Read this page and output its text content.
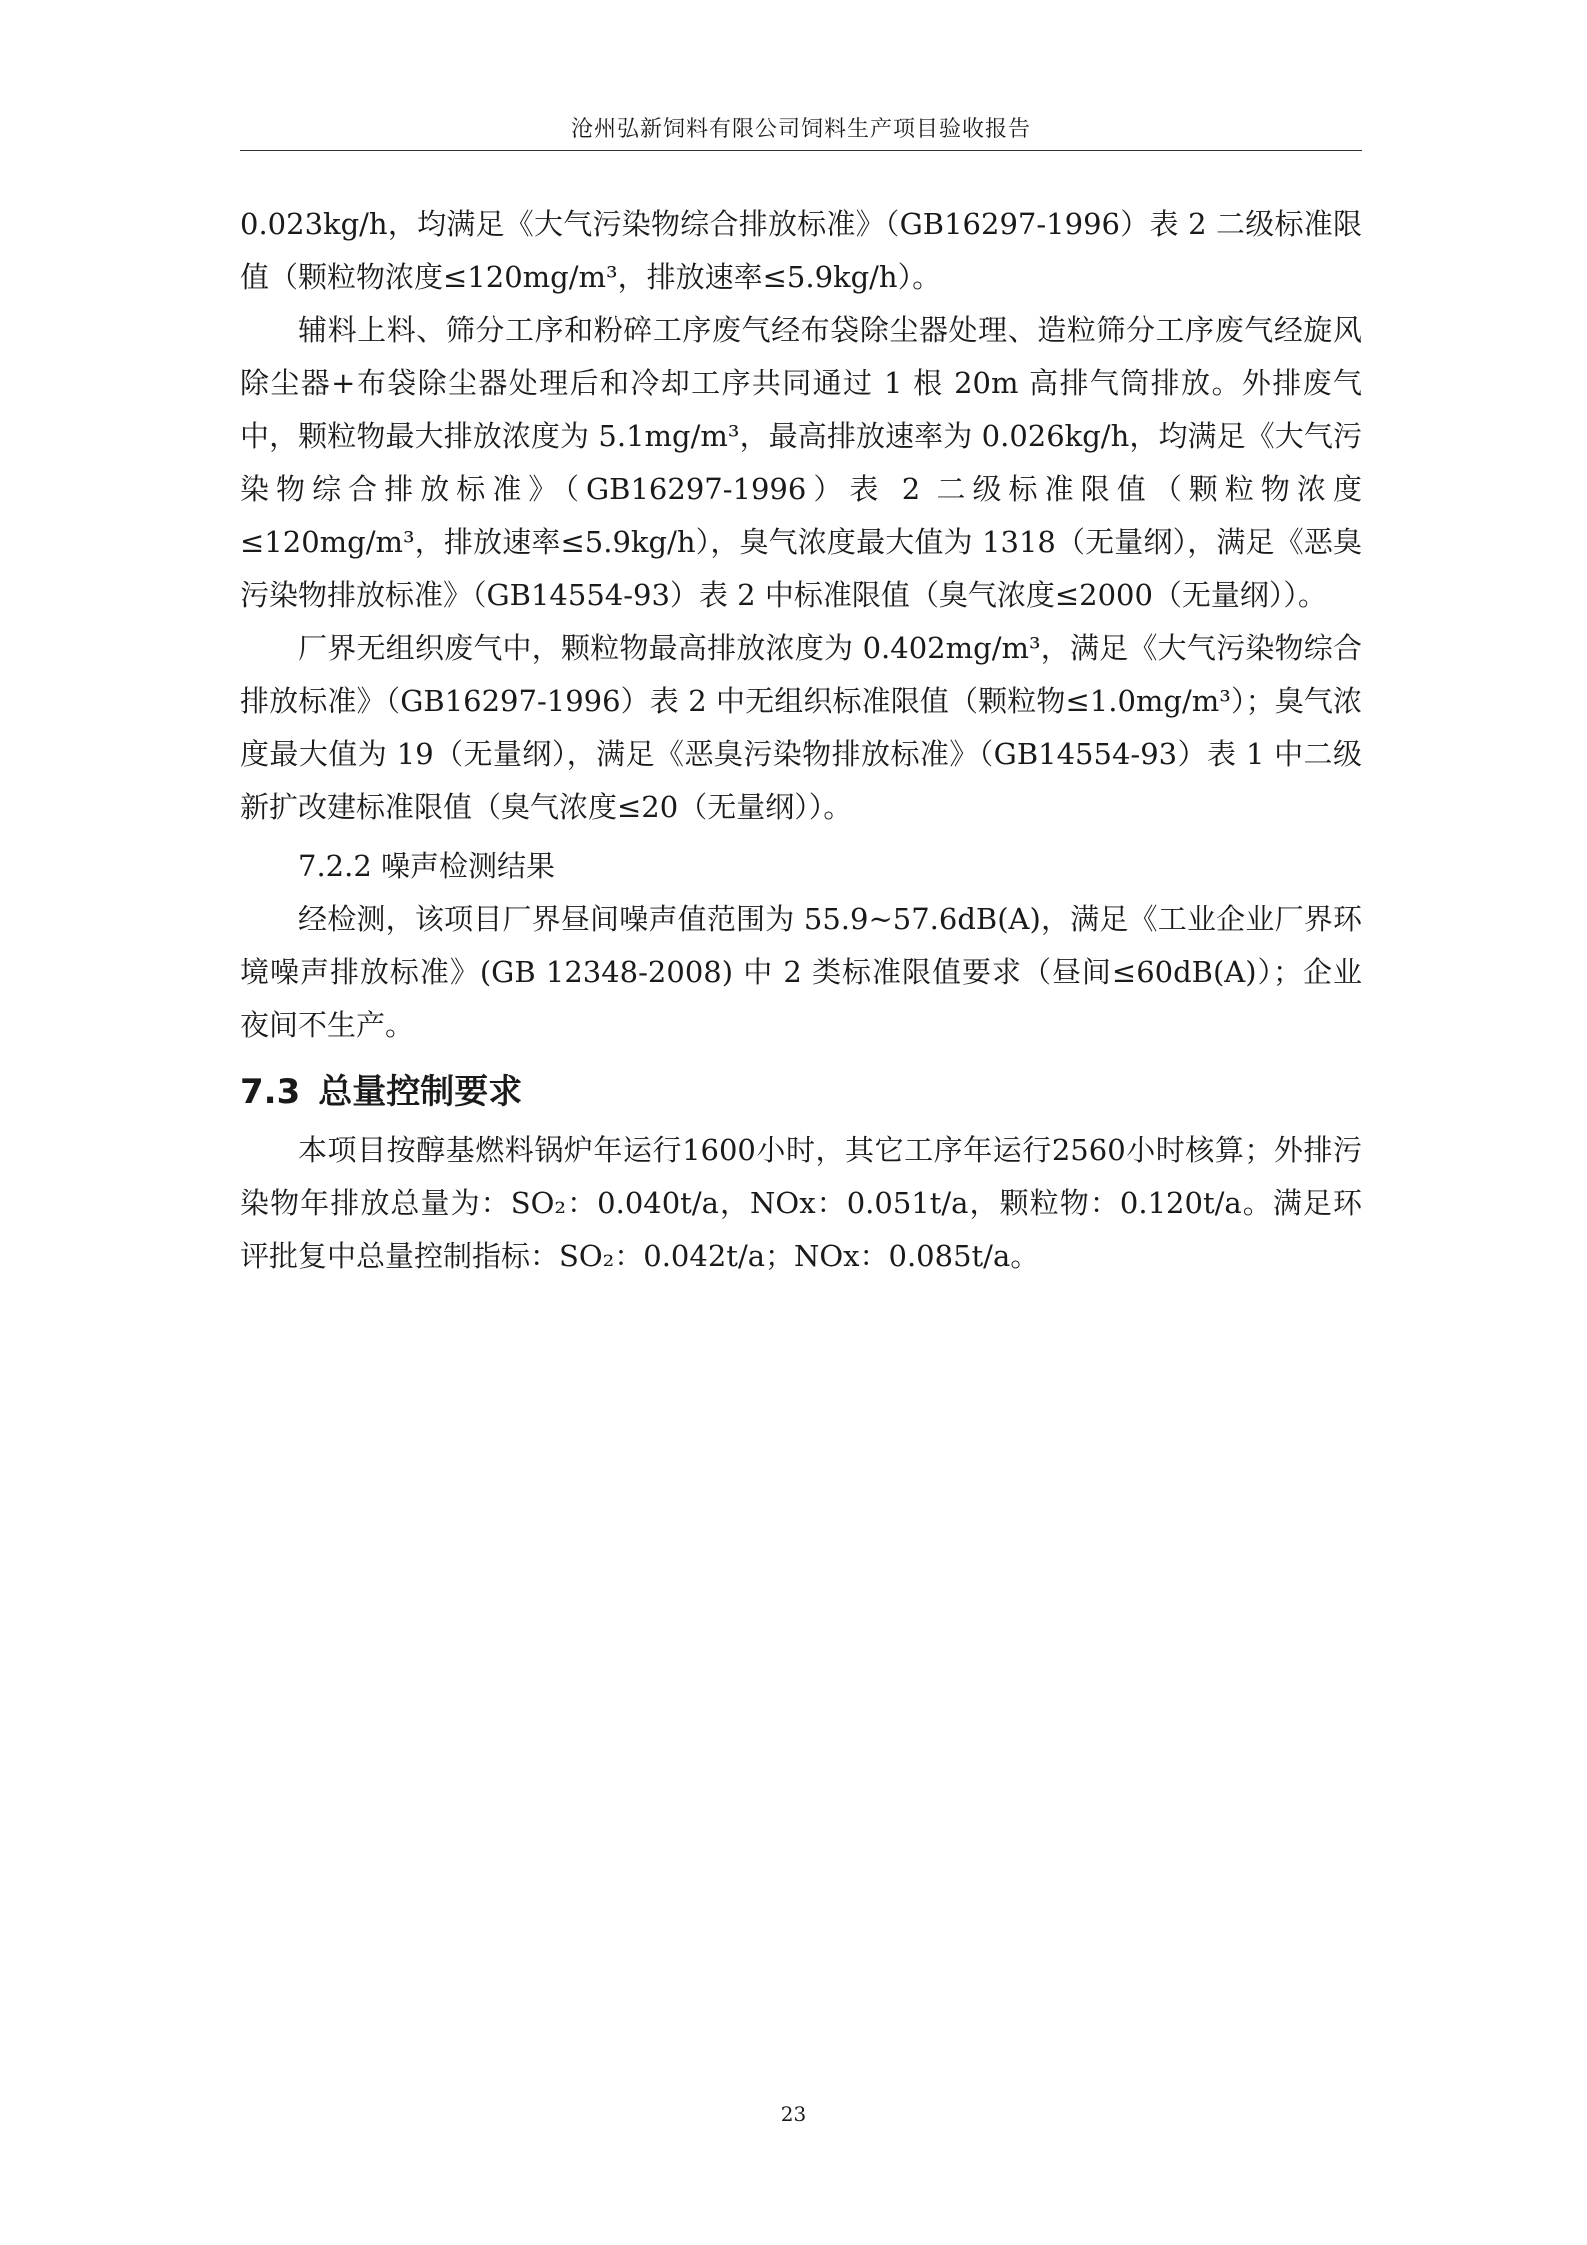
沧州弘新饲料有限公司饲料生产项目验收报告

0.023kg/h，均满足《大气污染物综合排放标准》（GB16297-1996）表 2 二级标准限值（颗粒物浓度≤120mg/m³，排放速率≤5.9kg/h）。

辅料上料、筛分工序和粉碎工序废气经布袋除尘器处理、造粒筛分工序废气经旋风除尘器+布袋除尘器处理后和冷却工序共同通过 1 根 20m 高排气筒排放。外排废气中，颗粒物最大排放浓度为 5.1mg/m³，最高排放速率为 0.026kg/h，均满足《大气污染物综合排放标准》（GB16297-1996）表 2 二级标准限值（颗粒物浓度≤120mg/m³，排放速率≤5.9kg/h），臭气浓度最大值为 1318（无量纲），满足《恶臭污染物排放标准》（GB14554-93）表 2 中标准限值（臭气浓度≤2000（无量纲））。

厂界无组织废气中，颗粒物最高排放浓度为 0.402mg/m³，满足《大气污染物综合排放标准》（GB16297-1996）表 2 中无组织标准限值（颗粒物≤1.0mg/m³）；臭气浓度最大值为 19（无量纲），满足《恶臭污染物排放标准》（GB14554-93）表 1 中二级新扩改建标准限值（臭气浓度≤20（无量纲））。

7.2.2 噪声检测结果

经检测，该项目厂界昼间噪声值范围为 55.9~57.6dB(A)，满足《工业企业厂界环境噪声排放标准》(GB 12348-2008) 中 2 类标准限值要求（昼间≤60dB(A)）；企业夜间不生产。

7.3 总量控制要求

本项目按醇基燃料锅炉年运行1600小时，其它工序年运行2560小时核算；外排污染物年排放总量为：SO₂：0.040t/a，NOx：0.051t/a，颗粒物：0.120t/a。满足环评批复中总量控制指标：SO₂：0.042t/a；NOx：0.085t/a。

23
